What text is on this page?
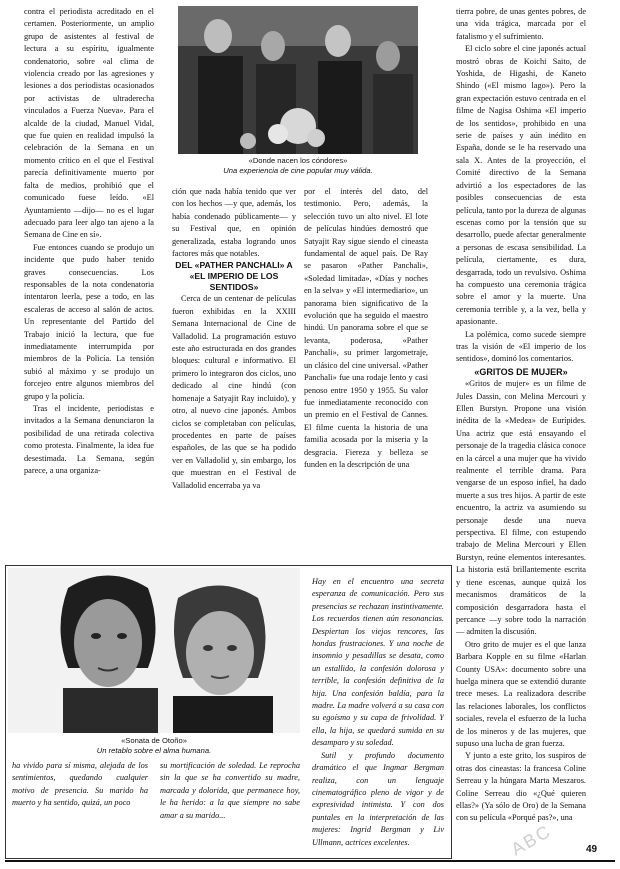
ABC

contra el periodista acreditado en el certamen. Posteriormente, un amplio grupo de asistentes al festival de lectura a su espíritu, igualmente condenatorio, sobre «al clima de violencia creado por las agresiones y lesiones a dos periodistas ocasionados por activistas de ultraderecha vinculados a Fuerza Nueva». Para el alcalde de la ciudad, Manuel Vidal, que fue quien en realidad impulsó la celebración de la Semana en un momento crítico en el que el Festival parecía definitivamente muerto por falta de medios, prohibió que el comunicado fuese leído. «El Ayuntamiento —dijo— no es el lugar adecuado para leer algo tan ajeno a la Semana de Cine en sí».

Fue entonces cuando se produjo un incidente que pudo haber tenido graves consecuencias. Los responsables de la nota condenatoria intentaron leerla, pese a todo, en las escaleras de acceso al salón de actos. Un representante del Partido del Trabajo inició la lectura, que fue inmediatamente interrumpida por miembros de la Policía. La tensión subió al máximo y se produjo un forcejeo entre algunos miembros del grupo y la policía.

Tras el incidente, periodistas e invitados a la Semana denunciaron la posibilidad de una retirada colectiva como protesta. Finalmente, la idea fue desestimada. La Semana, según parece, a una organiza-

«Donde nacen los cóndores»
Una experiencia de cine popular muy válida.

ción que nada había tenido que ver con los hechos —y que, además, los había condenado públicamente— y su Festival que, en opinión generalizada, estaba logrando unos factores más que notables.

DEL «PATHER PANCHALI» A «EL IMPERIO DE LOS SENTIDOS»

Cerca de un centenar de películas fueron exhibidas en la XXIII Semana Internacional de Cine de Valladolid. La programación estuvo este año estructurada en dos grandes bloques: cultural e informativo. El primero lo integraron dos ciclos, uno dedicado al cine hindú (con homenaje a Satyajit Ray incluido), y otro, al nuevo cine japonés. Ambos ciclos se completaban con películas, procedentes en parte de países españoles, de las que se ha podido ver en Valladolid y, sin embargo, los que muestran en el Festival de Valladolid encerraba ya va

por el interés del dato, del testimonio. Pero, además, la selección tuvo un alto nivel. El lote de películas hindúes demostró que Satyajit Ray sigue siendo el cineasta fundamental de aquel país. De Ray se pasaron «Pather Panchali», «Soledad limitada», «Días y noches en la selva» y «El intermediario», un panorama bien significativo de la evolución que ha seguido el maestro hindú. Un panorama sobre el que se levanta, poderosa, «Pather Panchali», su primer largometraje, un clásico del cine universal. «Pather Panchali» fue una rodaje lento y casi penoso entre 1950 y 1955. Su valor fue inmediatamente reconocido con un premio en el Festival de Cannes. El filme cuenta la historia de una familia acosada por la miseria y la desgracia. Fiereza y belleza se funden en la descripción de una

tierra pobre, de unas gentes pobres, de una vida trágica, marcada por el fatalismo y el sufrimiento.

El ciclo sobre el cine japonés actual mostró obras de Koichi Saito, de Yoshida, de Higashi, de Kaneto Shindo («El mismo lago»). Pero la gran expectación estuvo centrada en el filme de Nagisa Oshima «El imperio de los sentidos», prohibido en una serie de países y aún inédito en España, donde se le ha reservado una sala X. Antes de la proyección, el Comité directivo de la Semana advirtió a los espectadores de las posibles consecuencias de esta película, tanto por la dureza de algunas escenas como por la tensión que su desarrollo, puede afectar generalmente a personas de escasa sensibilidad. La película, ciertamente, es dura, desgarrada, todo un revulsivo. Oshima ha compuesto una ceremonia trágica sobre el amor y la muerte. Una ceremonia terrible y, a la vez, bella y apasionante.

La polémica, como sucede siempre tras la visión de «El imperio de los sentidos», dominó los comentarios.

«GRITOS DE MUJER»

«Gritos de mujer» es un filme de Jules Dassin, con Melina Mercouri y Ellen Burstyn. Propone una visión inédita de la «Medea» de Eurípides. Una actriz que está ensayando el personaje de la tragedia clásica conoce en la cárcel a una mujer que ha vivido realmente el terrible drama. Para vengarse de un esposo infiel, ha dado muerte a sus tres hijos. A partir de este encuentro, la actriz va asumiendo su personaje desde una nueva perspectiva. El filme, con estupendo trabajo de Melina Mercouri y Ellen Burstyn, reúne elementos interesantes. La historia está brillantemente escrita y tiene escenas, aunque quizá los mecanismos dramáticos de la composición desgarradora hasta el percance —y sobre todo la narración— admiten la discusión.

Otro grito de mujer es el que lanza Barbara Kopple en su filme «Harlan County USA»: documento sobre una huelga minera que se extendió durante trece meses. La realizadora describe las relaciones laborales, los conflictos sociales, revela el esfuerzo de la lucha de los mineros y de las mujeres, que supuso una lucha de gran fuerza.

Y junto a este grito, los suspiros de otras dos cineastas: la francesa Coline Serreau y la húngara Marta Meszaros. Coline Serreau dio «¿Qué quieren ellas?» (Ya sólo de Oro) de la Semana con su película «Porqué pas?», una

«Sonata de Otoño»
Un retablo sobre el alma humana.

Hay en el encuentro una secreta esperanza de comunicación. Pero sus presencias se rechazan instintivamente. Los recuerdos tienen aún resonancias. Despiertan los viejos rencores, las hondas frustraciones. Y una noche de insomnio y pesadillas se desata, como un estallido, la confesión dolorosa y terrible, la confesión definitiva de la hija. Una confesión baldía, para la madre. La madre volverá a su casa con su egoísmo y su capa de frivolidad. Y ella, la hija, se quedará sumida en su desamparo y su soledad.

Sutil y profundo documento dramático el que Ingmar Bergman realiza, con un lenguaje cinematográfico pleno de vigor y de expresividad intimista. Y con dos puntales en la interpretación de las mujeres: Ingrid Bergman y Liv Ullmann, actrices excelentes.

ha vivido para sí misma, alejada de los sentimientos, quedando cualquier motivo de presencia. Su marido ha muerto y ha sentido, quizá, un poco

su mortificación de soledad. Le reprocha sin la que se ha convertido su madre, marcada y dolorida, que permanece hoy, le ha herido: a la que siempre no sabe amar a su marido...

49
